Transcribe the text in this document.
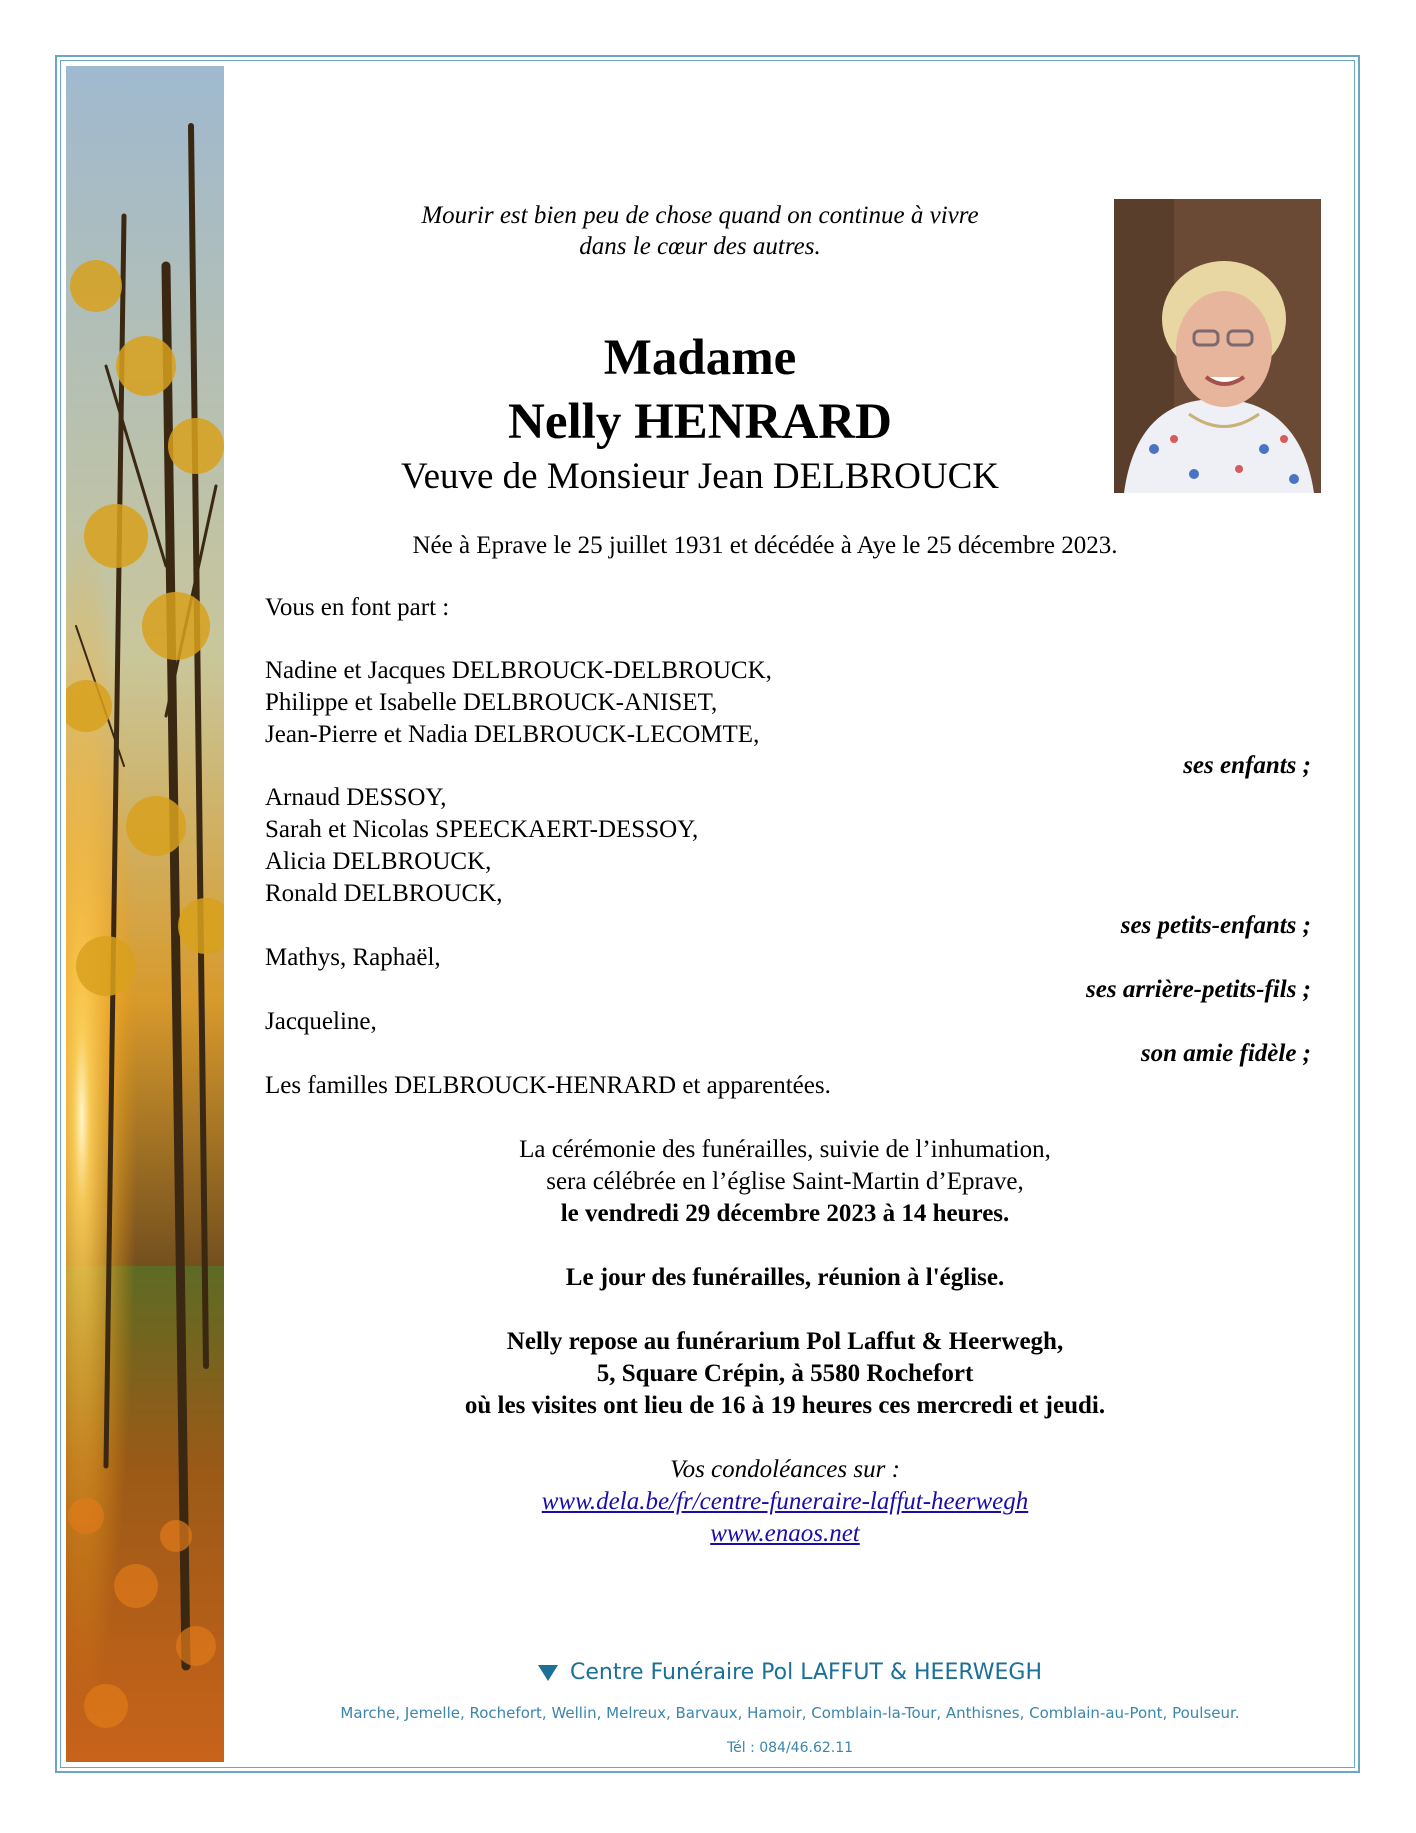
Mourir est bien peu de chose quand on continue à vivre
dans le cœur des autres.
Madame
Nelly HENRARD
Veuve de Monsieur Jean DELBROUCK
Née à Eprave le 25 juillet 1931 et décédée à Aye le 25 décembre 2023.
Vous en font part :
Nadine et Jacques DELBROUCK-DELBROUCK,
Philippe et Isabelle DELBROUCK-ANISET,
Jean-Pierre et Nadia DELBROUCK-LECOMTE,
ses enfants ;
Arnaud DESSOY,
Sarah et Nicolas SPEECKAERT-DESSOY,
Alicia DELBROUCK,
Ronald DELBROUCK,
ses petits-enfants ;
Mathys, Raphaël,
ses arrière-petits-fils ;
Jacqueline,
son amie fidèle ;
Les familles DELBROUCK-HENRARD et apparentées.
La cérémonie des funérailles, suivie de l’inhumation,
sera célébrée en l’église Saint-Martin d’Eprave,
le vendredi 29 décembre 2023 à 14 heures.
Le jour des funérailles, réunion à l'église.
Nelly repose au funérarium Pol Laffut & Heerwegh,
5, Square Crépin, à 5580 Rochefort
où les visites ont lieu de 16 à 19 heures ces mercredi et jeudi.
Vos condoléances sur :
www.dela.be/fr/centre-funeraire-laffut-heerwegh
www.enaos.net
Centre Funéraire Pol LAFFUT & HEERWEGH
Marche, Jemelle, Rochefort, Wellin, Melreux, Barvaux, Hamoir, Comblain-la-Tour, Anthisnes, Comblain-au-Pont, Poulseur.
Tél : 084/46.62.11
